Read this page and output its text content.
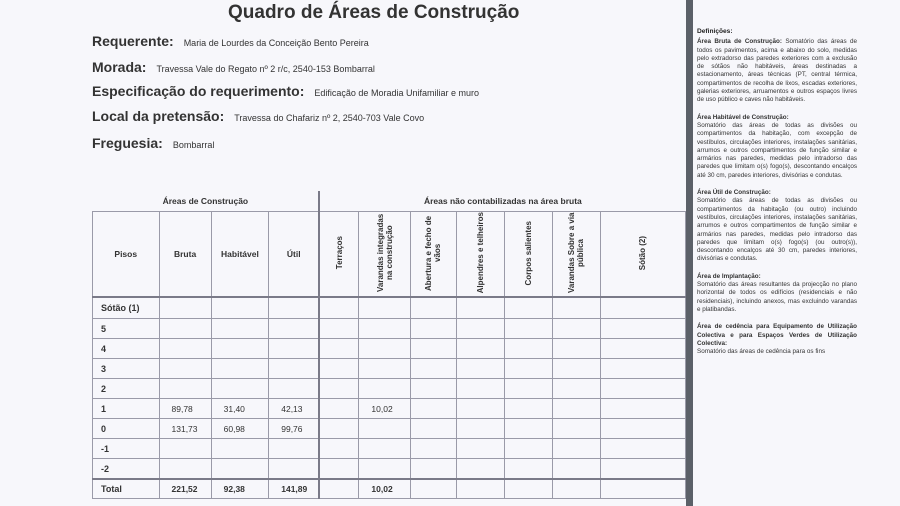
Quadro de Áreas de Construção
Requerente: Maria de Lourdes da Conceição Bento Pereira
Morada: Travessa Vale do Regato nº 2 r/c, 2540-153 Bombarral
Especificação do requerimento: Edificação de Moradia Unifamiliar e muro
Local da pretensão: Travessa do Chafariz nº 2, 2540-703 Vale Covo
Freguesia: Bombarral
Áreas de Construção				Áreas não contabilizadas na área bruta						
Pisos	Bruta	Habitável	Útil	Terraços	Varandas integradas na construção	Abertura e fecho de vãos	Alpendres e telheiros	Corpos salientes	Varandas Sobre a via pública	Sótão (2)
Sótão (1)										
5										
4										
3										
2										
1	89,78	31,40	42,13		10,02					
0	131,73	60,98	99,76							
-1										
-2										
Total	221,52	92,38	141,89		10,02					
Definições:
Área Bruta de Construção: Somatório das áreas de todos os pavimentos, acima e abaixo do solo, medidas pelo extradorso das paredes exteriores com a exclusão de sótãos não habitáveis, áreas destinadas a estacionamento, áreas técnicas (PT, central térmica, compartimentos de recolha de lixos, escadas exteriores, galerias exteriores, arruamentos e outros espaços livres de uso público e caves não habitáveis.
Área Habitável de Construção:
Somatório das áreas de todas as divisões ou compartimentos da habitação, com excepção de vestíbulos, circulações interiores, instalações sanitárias, arrumos e outros compartimentos de função similar e armários nas paredes, medidas pelo intradorso das paredes que limitam o(s) fogo(s), descontando encalços até 30 cm, paredes interiores, divisórias e condutas.
Área Útil de Construção:
Somatório das áreas de todas as divisões ou compartimentos da habitação (ou outro) incluindo vestíbulos, circulações interiores, instalações sanitárias, arrumos e outros compartimentos de função similar e armários nas paredes, medidas pelo intradorso das paredes que limitam o(s) fogo(s) (ou outro(s)), descontando encalços até 30 cm, paredes interiores, divisórias e condutas.
Área de Implantação:
Somatório das áreas resultantes da projecção no plano horizontal de todos os edifícios (residenciais e não residenciais), incluindo anexos, mas excluindo varandas e platibandas.
Área de cedência para Equipamento de Utilização Colectiva e para Espaços Verdes de Utilização Colectiva:
Somatório das áreas de cedência para os fins
